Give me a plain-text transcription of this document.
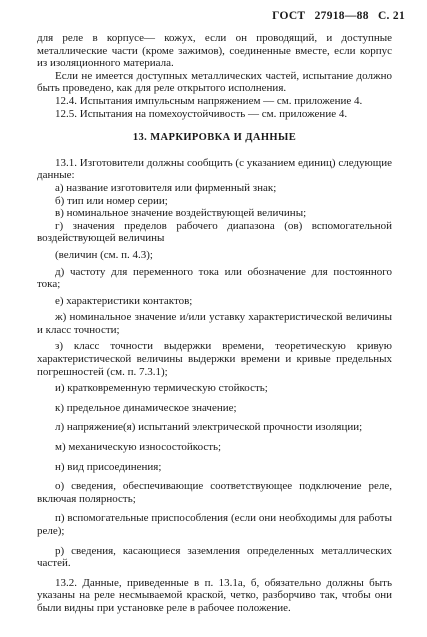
ГОСТ 27918—88 С. 21

для реле в корпусе— кожух, если он проводящий, и доступные металлические части (кроме зажимов), соединенные вместе, если корпус из изоляционного материала.

Если не имеется доступных металлических частей, испытание должно быть проведено, как для реле открытого исполнения.

12.4. Испытания импульсным напряжением — см. приложение 4.

12.5. Испытания на помехоустойчивость — см. приложение 4.

13. МАРКИРОВКА И ДАННЫЕ

13.1. Изготовители должны сообщить (с указанием единиц) следующие данные:

а) название изготовителя или фирменный знак;

б) тип или номер серии;

в) номинальное значение воздействующей величины;

г) значения пределов рабочего диапазона (ов) вспомогательной воздействующей величины

(величин (см. п. 4.3);

д) частоту для переменного тока или обозначение для постоянного тока;

е) характеристики контактов;

ж) номинальное значение и/или уставку характеристической величины и класс точности;

з) класс точности выдержки времени, теоретическую кривую характеристической величины выдержки времени и кривые предельных погрешностей (см. п. 7.3.1);

и) кратковременную термическую стойкость;

к) предельное динамическое значение;

л) напряжение(я) испытаний электрической прочности изоляции;

м) механическую износостойкость;

н) вид присоединения;

о) сведения, обеспечивающие соответствующее подключение реле, включая полярность;

п) вспомогательные приспособления (если они необходимы для работы реле);

р) сведения, касающиеся заземления определенных металлических частей.

13.2. Данные, приведенные в п. 13.1а, б, обязательно должны быть указаны на реле несмываемой краской, четко, разборчиво так, чтобы они были видны при установке реле в рабочее положение.
